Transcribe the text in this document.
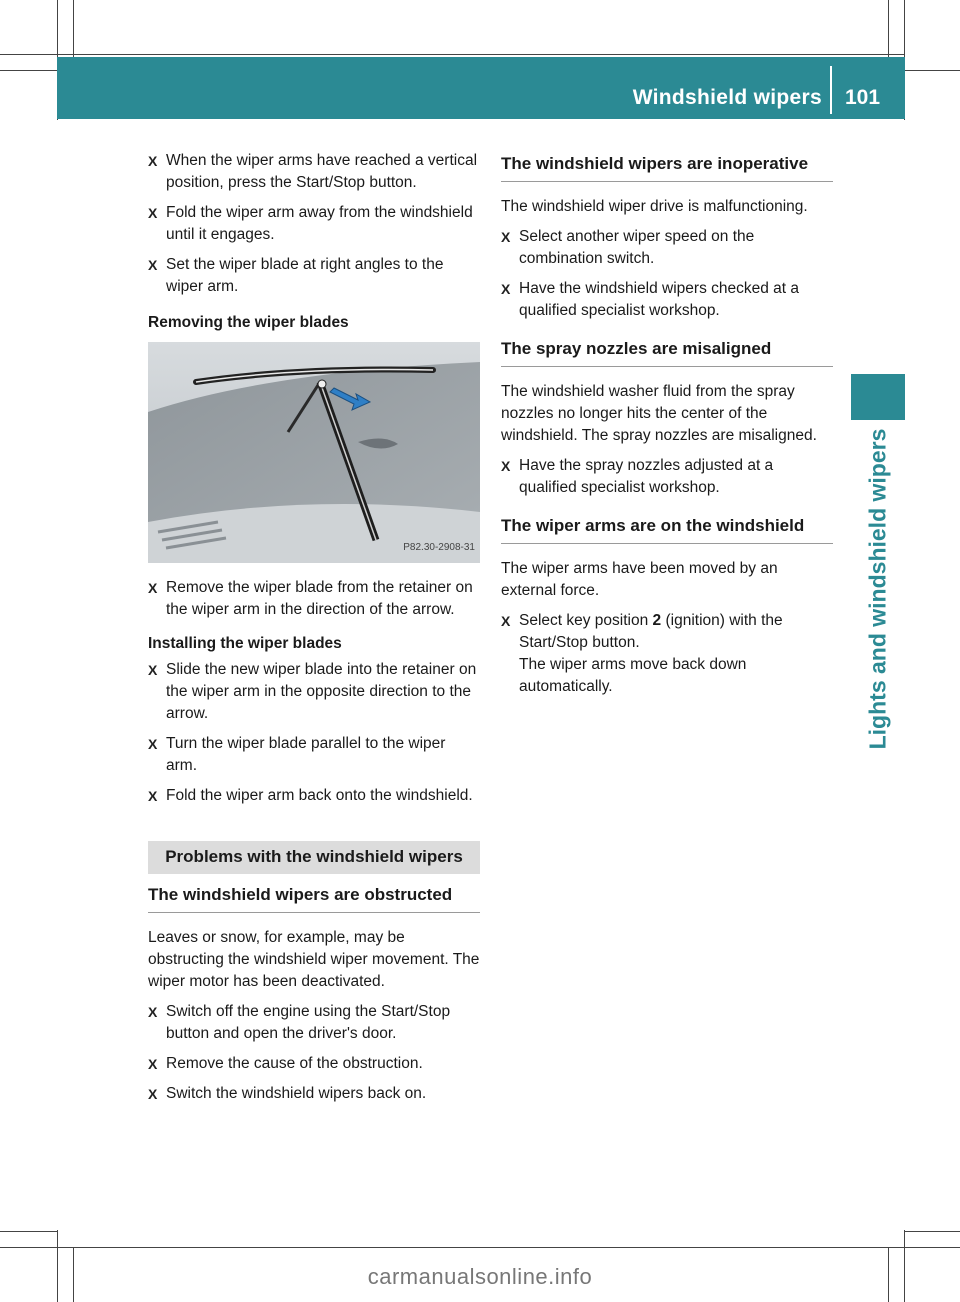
Windshield wipers 101
Lights and windshield wipers
X When the wiper arms have reached a vertical position, press the Start/Stop button.
X Fold the wiper arm away from the windshield until it engages.
X Set the wiper blade at right angles to the wiper arm.
Removing the wiper blades
P82.30-2908-31
X Remove the wiper blade from the retainer on the wiper arm in the direction of the arrow.
Installing the wiper blades
X Slide the new wiper blade into the retainer on the wiper arm in the opposite direction to the arrow.
X Turn the wiper blade parallel to the wiper arm.
X Fold the wiper arm back onto the windshield.
Problems with the windshield wipers
The windshield wipers are obstructed
Leaves or snow, for example, may be obstructing the windshield wiper movement. The wiper motor has been deactivated.
X Switch off the engine using the Start/Stop button and open the driver's door.
X Remove the cause of the obstruction.
X Switch the windshield wipers back on.
The windshield wipers are inoperative
The windshield wiper drive is malfunctioning.
X Select another wiper speed on the combination switch.
X Have the windshield wipers checked at a qualified specialist workshop.
The spray nozzles are misaligned
The windshield washer fluid from the spray nozzles no longer hits the center of the windshield. The spray nozzles are misaligned.
X Have the spray nozzles adjusted at a qualified specialist workshop.
The wiper arms are on the windshield
The wiper arms have been moved by an external force.
X Select key position 2 (ignition) with the Start/Stop button.
The wiper arms move back down
automatically.
carmanualsonline.info
